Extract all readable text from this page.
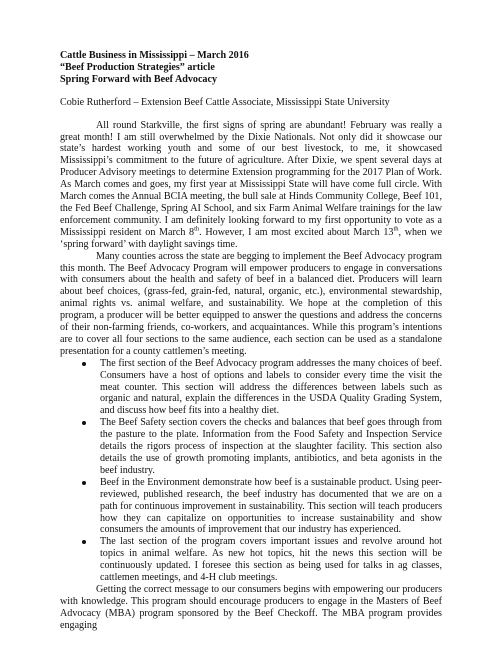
Cattle Business in Mississippi – March 2016
“Beef Production Strategies” article
Spring Forward with Beef Advocacy
Cobie Rutherford – Extension Beef Cattle Associate, Mississippi State University

All round Starkville, the first signs of spring are abundant! February was really a great month! I am still overwhelmed by the Dixie Nationals. Not only did it showcase our state’s hardest working youth and some of our best livestock, to me, it showcased Mississippi’s commitment to the future of agriculture. After Dixie, we spent several days at Producer Advisory meetings to determine Extension programming for the 2017 Plan of Work. As March comes and goes, my first year at Mississippi State will have come full circle. With March comes the Annual BCIA meeting, the bull sale at Hinds Community College, Beef 101, the Fed Beef Challenge, Spring AI School, and six Farm Animal Welfare trainings for the law enforcement community. I am definitely looking forward to my first opportunity to vote as a Mississippi resident on March 8th. However, I am most excited about March 13th, when we ‘spring forward’ with daylight savings time.

Many counties across the state are begging to implement the Beef Advocacy program this month. The Beef Advocacy Program will empower producers to engage in conversations with consumers about the health and safety of beef in a balanced diet. Producers will learn about beef choices, (grass-fed, grain-fed, natural, organic, etc.), environmental stewardship, animal rights vs. animal welfare, and sustainability. We hope at the completion of this program, a producer will be better equipped to answer the questions and address the concerns of their non-farming friends, co-workers, and acquaintances. While this program’s intentions are to cover all four sections to the same audience, each section can be used as a standalone presentation for a county cattlemen’s meeting.

The first section of the Beef Advocacy program addresses the many choices of beef. Consumers have a host of options and labels to consider every time the visit the meat counter. This section will address the differences between labels such as organic and natural, explain the differences in the USDA Quality Grading System, and discuss how beef fits into a healthy diet.
The Beef Safety section covers the checks and balances that beef goes through from the pasture to the plate. Information from the Food Safety and Inspection Service details the rigors process of inspection at the slaughter facility. This section also details the use of growth promoting implants, antibiotics, and beta agonists in the beef industry.
Beef in the Environment demonstrate how beef is a sustainable product. Using peer-reviewed, published research, the beef industry has documented that we are on a path for continuous improvement in sustainability. This section will teach producers how they can capitalize on opportunities to increase sustainability and show consumers the amounts of improvement that our industry has experienced.
The last section of the program covers important issues and revolve around hot topics in animal welfare. As new hot topics, hit the news this section will be continuously updated. I foresee this section as being used for talks in ag classes, cattlemen meetings, and 4-H club meetings.

Getting the correct message to our consumers begins with empowering our producers with knowledge. This program should encourage producers to engage in the Masters of Beef Advocacy (MBA) program sponsored by the Beef Checkoff. The MBA program provides engaging
